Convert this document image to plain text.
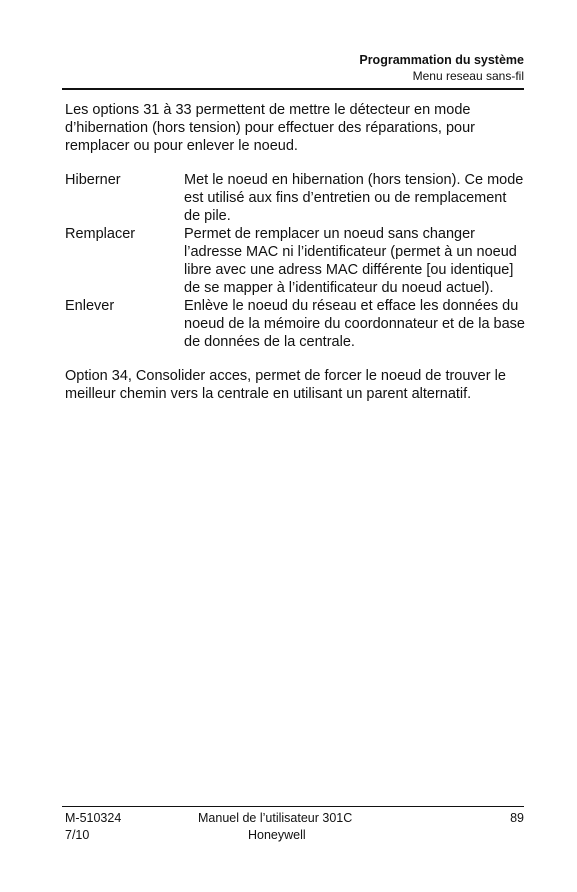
Programmation du système
Menu reseau sans-fil

Les options 31 à 33 permettent de mettre le détecteur en mode d’hibernation (hors tension) pour effectuer des réparations, pour remplacer ou pour enlever le noeud.

Hiberner	Met le noeud en hibernation (hors tension). Ce mode est utilisé aux fins d’entretien ou de remplacement de pile.
Remplacer	Permet de remplacer un noeud sans changer l’adresse MAC ni l’identificateur (permet à un noeud libre avec une adress MAC différente [ou identique] de se mapper à l’identificateur du noeud actuel).
Enlever	Enlève le noeud du réseau et efface les données du noeud de la mémoire du coordonnateur et de la base de données de la centrale.

Option 34, Consolider acces, permet de forcer le noeud de trouver le meilleur chemin vers la centrale en utilisant un parent alternatif.

M-510324
7/10
Manuel de l’utilisateur 301C
Honeywell
89
